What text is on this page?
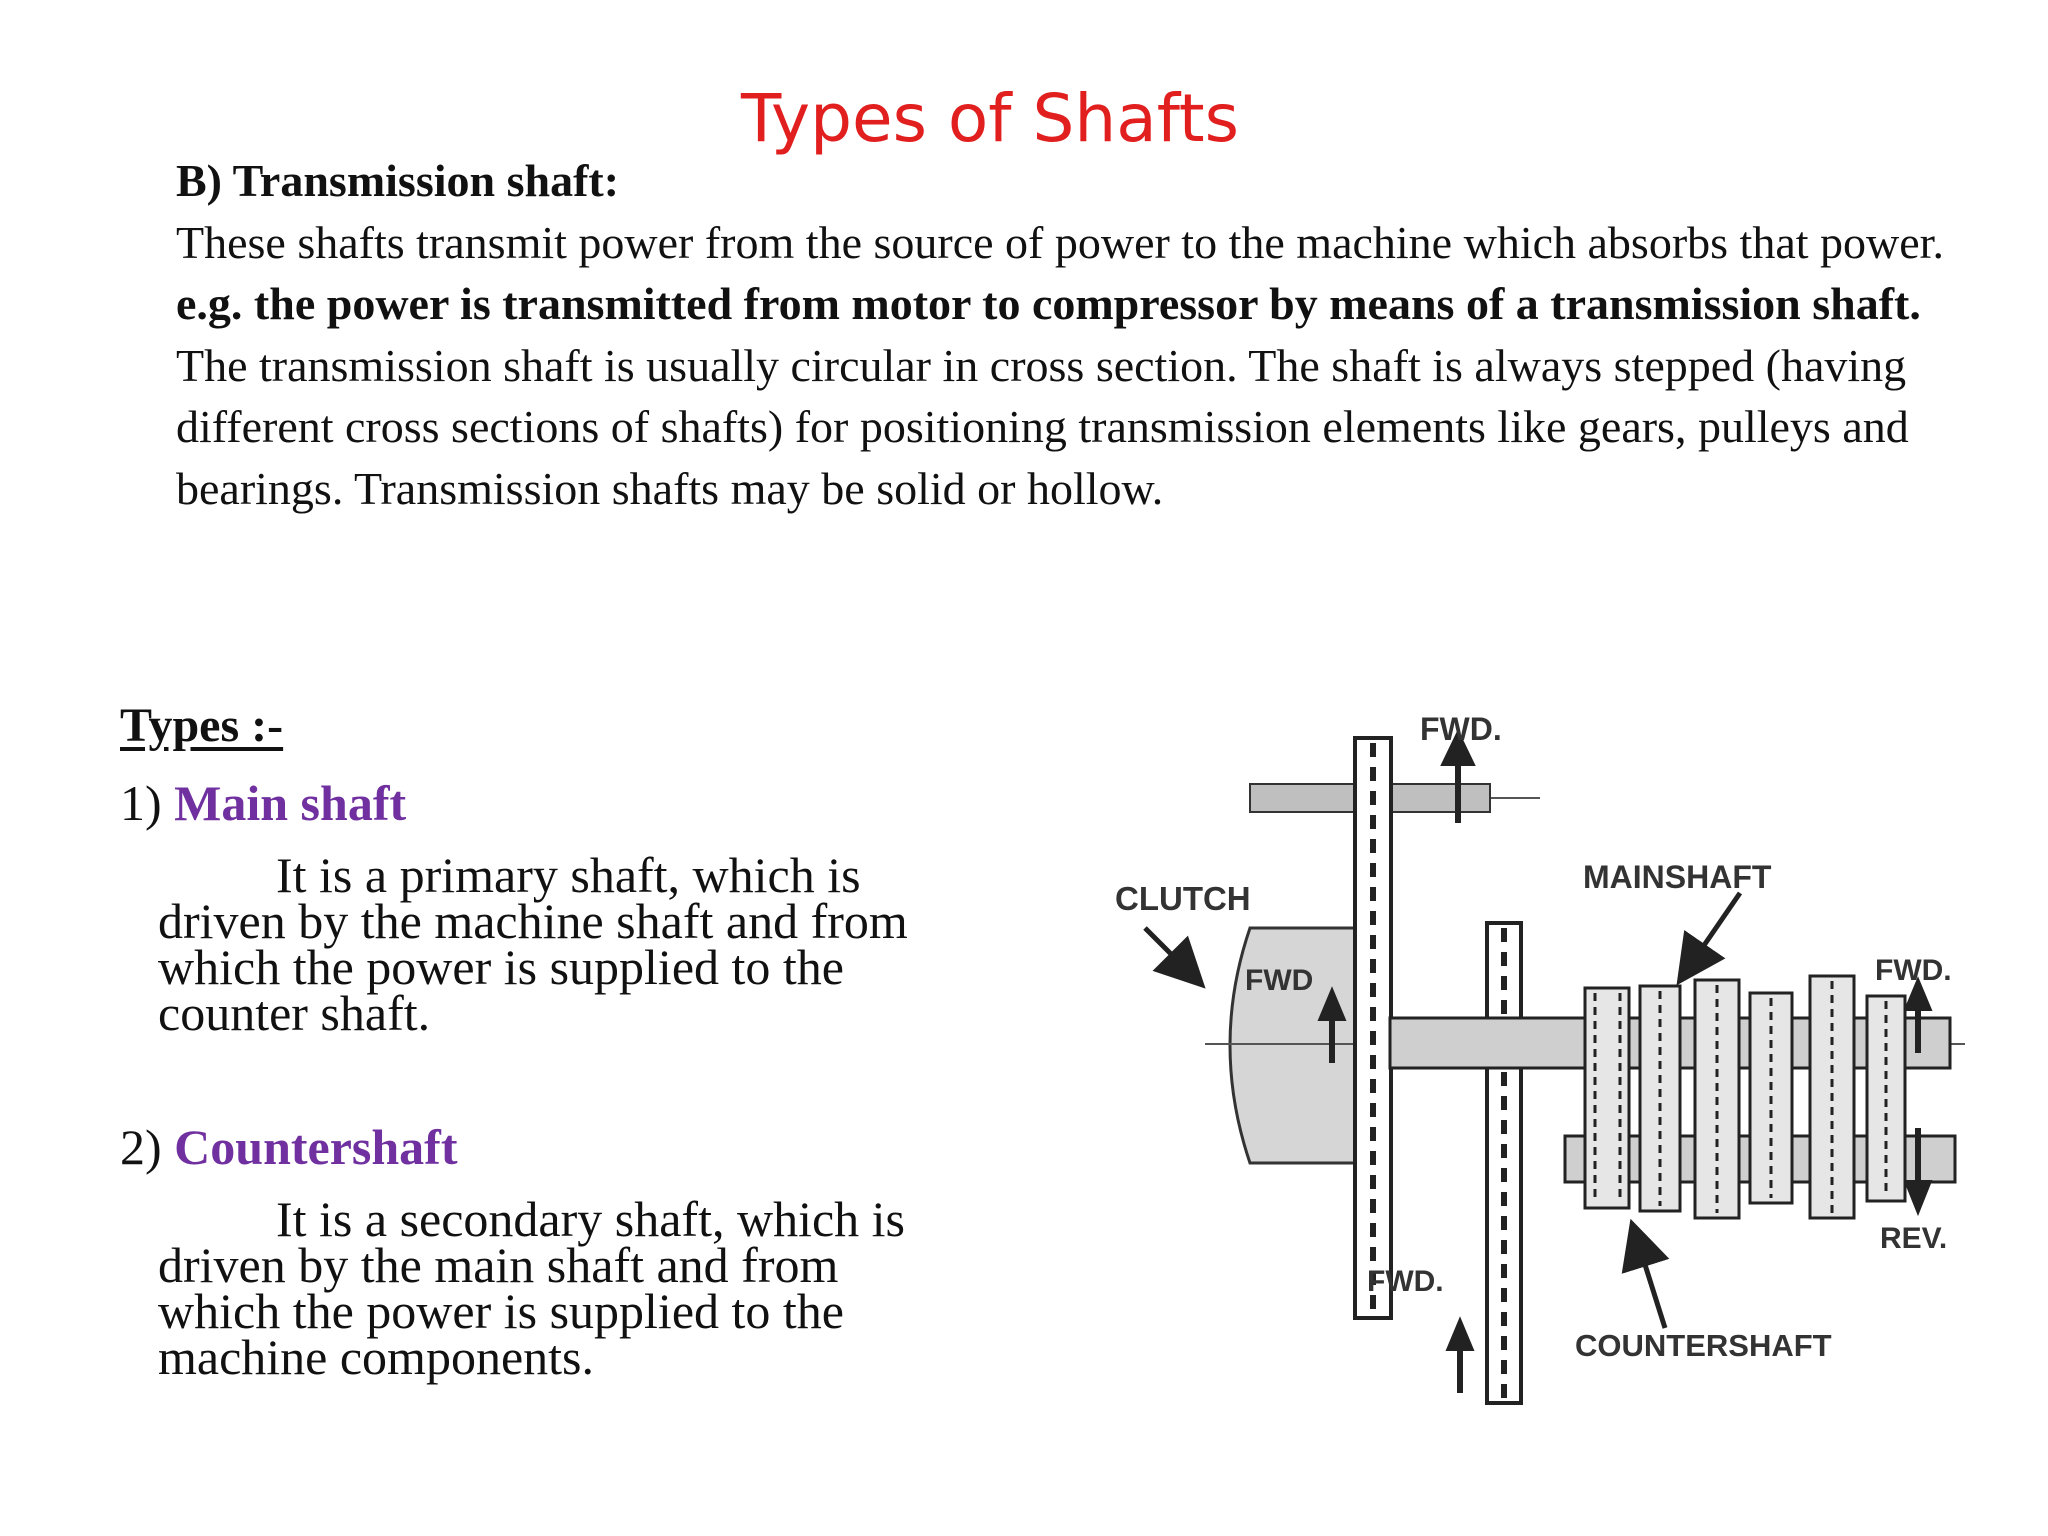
Types of Shafts

B) Transmission shaft:

These shafts transmit power from the source of power to the machine which absorbs that power.

e.g. the power is transmitted from motor to compressor by means of a transmission shaft.

The transmission shaft is usually circular in cross section. The shaft is always stepped (having different cross sections of shafts) for positioning transmission elements like gears, pulleys and bearings. Transmission shafts may be solid or hollow.

Types :-
1) Main shaft
It is a primary shaft, which is
driven by the machine shaft and from
which the power is supplied to the
counter shaft.
2) Countershaft
It is a secondary shaft, which is
driven by the main shaft and from
which the power is supplied to the
machine components.
FWD.
CLUTCH
MAINSHAFT
FWD	FWD.
REV.
FWD.
COUNTERSHAFT
